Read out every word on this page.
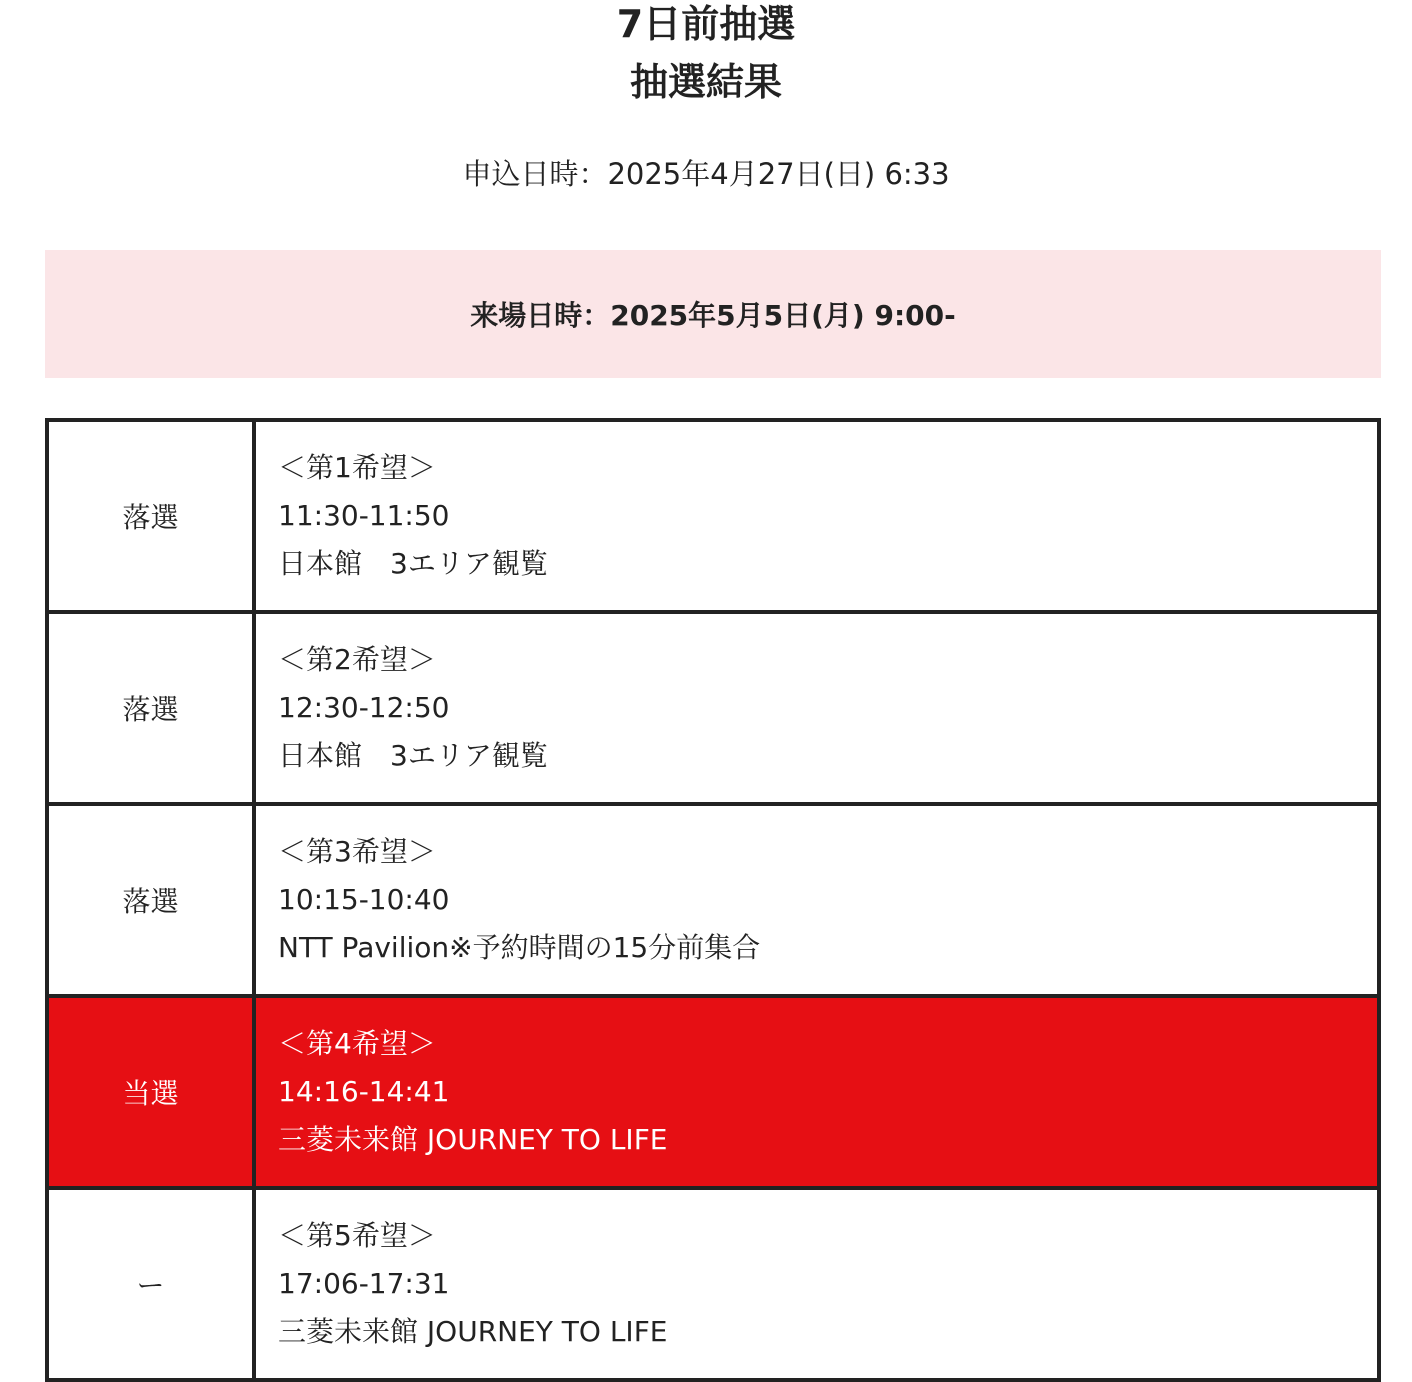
7日前抽選
抽選結果
申込日時：2025年4月27日(日) 6:33
来場日時：2025年5月5日(月) 9:00-
落選	＜第1希望＞
11:30-11:50
日本館　3エリア観覧

落選	＜第2希望＞
12:30-12:50
日本館　3エリア観覧

落選	＜第3希望＞
10:15-10:40
NTT Pavilion※予約時間の15分前集合

当選	＜第4希望＞
14:16-14:41
三菱未来館 JOURNEY TO LIFE

ー	＜第5希望＞
17:06-17:31
三菱未来館 JOURNEY TO LIFE
